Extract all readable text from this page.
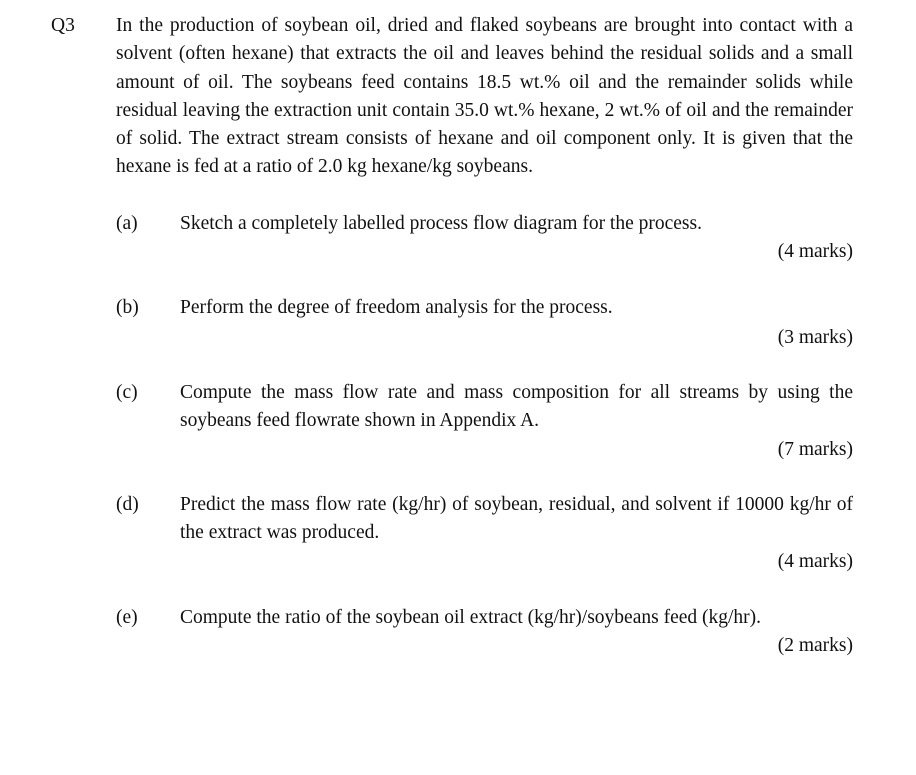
Q3 In the production of soybean oil, dried and flaked soybeans are brought into contact with a solvent (often hexane) that extracts the oil and leaves behind the residual solids and a small amount of oil. The soybeans feed contains 18.5 wt.% oil and the remainder solids while residual leaving the extraction unit contain 35.0 wt.% hexane, 2 wt.% of oil and the remainder of solid. The extract stream consists of hexane and oil component only. It is given that the hexane is fed at a ratio of 2.0 kg hexane/kg soybeans.
(a) Sketch a completely labelled process flow diagram for the process.
(4 marks)
(b) Perform the degree of freedom analysis for the process.
(3 marks)
(c) Compute the mass flow rate and mass composition for all streams by using the soybeans feed flowrate shown in Appendix A.
(7 marks)
(d) Predict the mass flow rate (kg/hr) of soybean, residual, and solvent if 10000 kg/hr of the extract was produced.
(4 marks)
(e) Compute the ratio of the soybean oil extract (kg/hr)/soybeans feed (kg/hr).
(2 marks)
